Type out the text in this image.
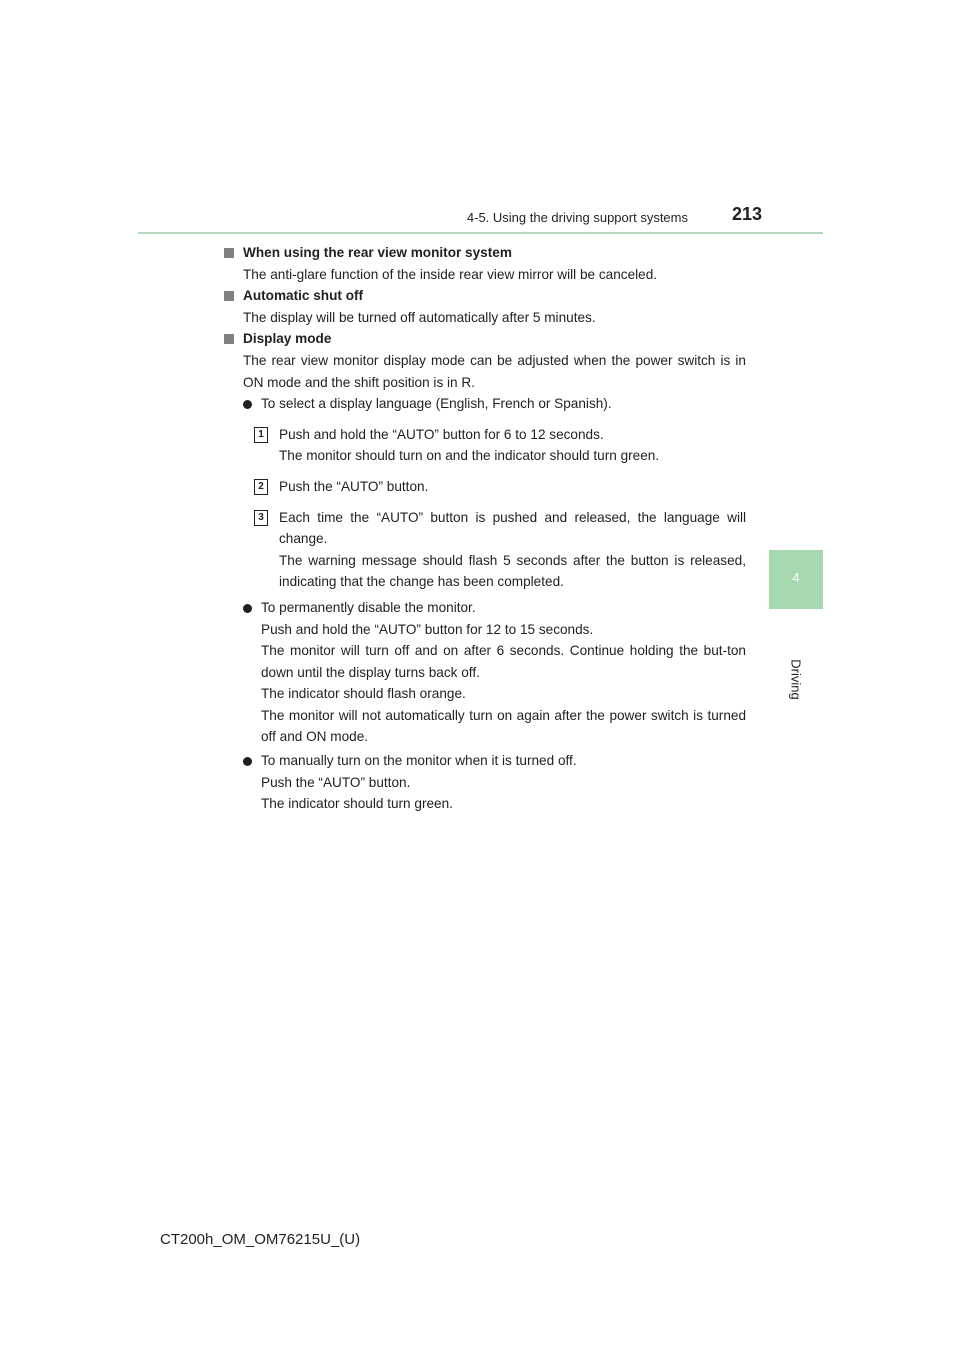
4-5. Using the driving support systems	213
4
Driving

When using the rear view monitor system

The anti-glare function of the inside rear view mirror will be canceled.

Automatic shut off

The display will be turned off automatically after 5 minutes.

Display mode

The rear view monitor display mode can be adjusted when the power switch is in ON mode and the shift position is in R.

To select a display language (English, French or Spanish).

1	Push and hold the “AUTO” button for 6 to 12 seconds.

The monitor should turn on and the indicator should turn green.

2	Push the “AUTO” button.

3	Each time the “AUTO” button is pushed and released, the language will change.

The warning message should flash 5 seconds after the button is released, indicating that the change has been completed.

To permanently disable the monitor.

Push and hold the “AUTO” button for 12 to 15 seconds.

The monitor will turn off and on after 6 seconds. Continue holding the but-ton down until the display turns back off.

The indicator should flash orange.

The monitor will not automatically turn on again after the power switch is turned off and ON mode.

To manually turn on the monitor when it is turned off.

Push the “AUTO” button.

The indicator should turn green.

CT200h_OM_OM76215U_(U)
